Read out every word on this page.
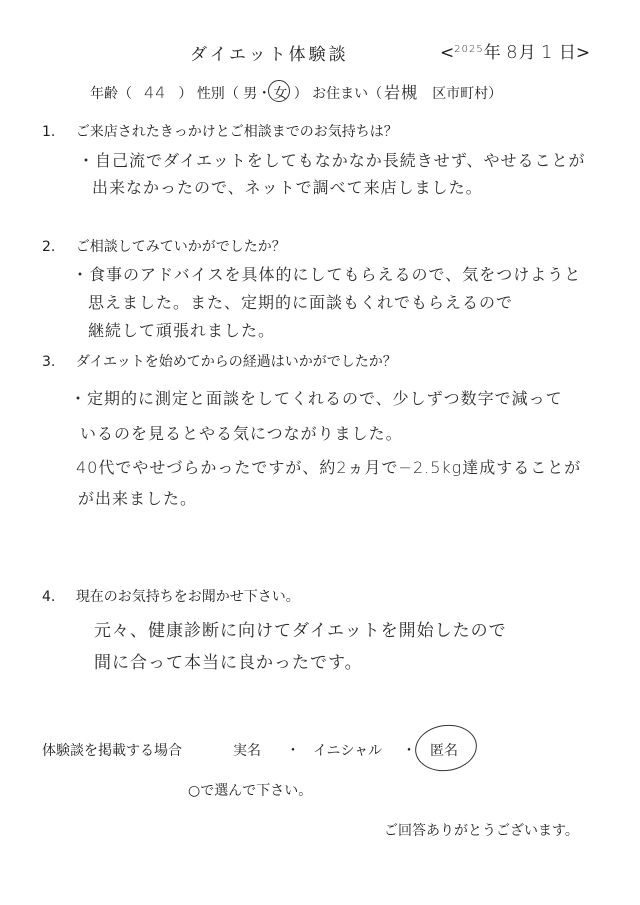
ダイエット体験談	<$^{2025}$年 8月 1 日>
年齢（ 44 ） 性別（ 男・ 女 ） お住まい（ 岩槻 区市町村）
1. ご来店されたきっかけとご相談までのお気持ちは？
・自己流でダイエットをしてもなかなか長続きせず、やせることが
出来なかったので、ネットで調べて来店しました。
2. ご相談してみていかがでしたか？
・食事のアドバイスを具体的にしてもらえるので、気をつけようと
思えました。また、定期的に面談もくれでもらえるので
継続して頑張れました。
3. ダイエットを始めてからの経過はいかがでしたか？
・定期的に測定と面談をしてくれるので、少しずつ数字で減って
いるのを見るとやる気につながりました。
40代でやせづらかったですが、約2ヵ月で−2.5kg達成することが
が出来ました。
4. 現在のお気持ちをお聞かせ下さい。
元々、健康診断に向けてダイエットを開始したので
間に合って本当に良かったです。
体験談を掲載する場合	実名 ・ イニシャル ・ 匿名
○で選んで下さい。
ご回答ありがとうございます。
